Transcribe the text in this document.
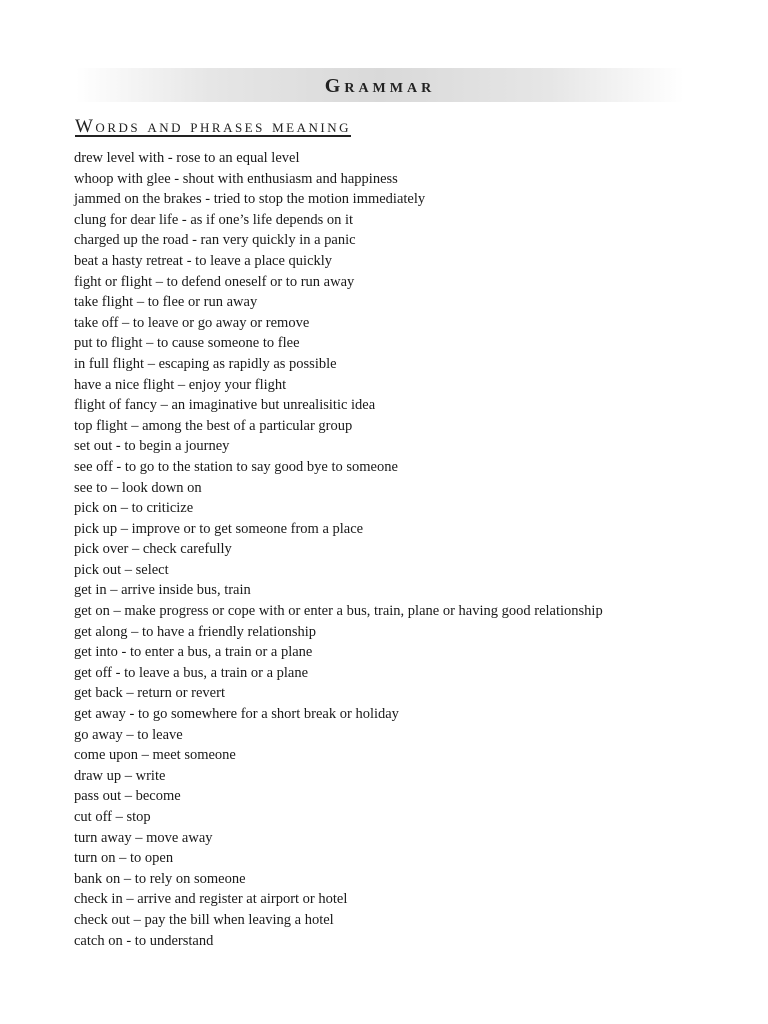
Grammar
Words and phrases meaning
drew level with - rose to an equal level
whoop with glee - shout with enthusiasm and happiness
jammed on the brakes - tried to stop the motion immediately
clung for dear life - as if one’s life depends on it
charged up the road - ran very quickly in a panic
beat a hasty retreat - to leave a place quickly
fight or flight – to defend oneself or to run away
take flight – to flee or run away
take off – to leave or go away or remove
put to flight – to cause someone to flee
in full flight – escaping as rapidly as possible
have a nice flight – enjoy your flight
flight of fancy – an imaginative but unrealisitic idea
top flight – among the best of a particular group
set out - to begin a journey
see off - to go to the station to say good bye to someone
see to – look down on
pick on – to criticize
pick up – improve or to get someone from a place
pick over – check carefully
pick out – select
get in – arrive inside bus, train
get on – make progress or cope with or enter a bus, train, plane or having good relationship
get along – to have a friendly relationship
get into - to enter a bus, a train or a plane
get off - to leave a bus, a train or a plane
get back – return or revert
get away - to go somewhere for a short break or holiday
go away – to leave
come upon – meet someone
draw up – write
pass out – become
cut off – stop
turn away – move away
turn on – to open
bank on – to rely on someone
check in – arrive and register at airport or hotel
check out – pay the bill when leaving a hotel
catch on - to understand
